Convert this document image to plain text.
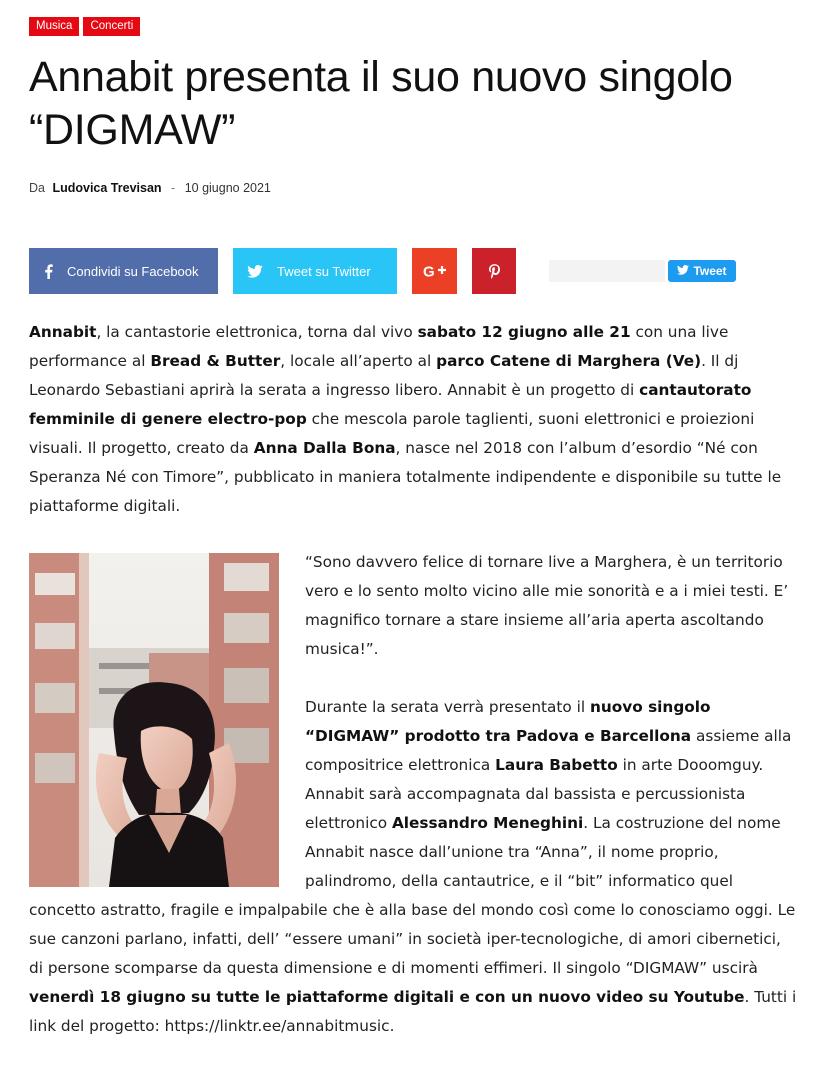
Musica	Concerti
Annabit presenta il suo nuovo singolo “DIGMAW”
Da Ludovica Trevisan - 10 giugno 2021
Condividi su Facebook	Tweet su Twitter	G	Tweet

Annabit, la cantastorie elettronica, torna dal vivo sabato 12 giugno alle 21 con una live performance al Bread & Butter, locale all’aperto al parco Catene di Marghera (Ve). Il dj Leonardo Sebastiani aprirà la serata a ingresso libero. Annabit è un progetto di cantautorato femminile di genere electro-pop che mescola parole taglienti, suoni elettronici e proiezioni visuali. Il progetto, creato da Anna Dalla Bona, nasce nel 2018 con l’album d’esordio “Né con Speranza Né con Timore”, pubblicato in maniera totalmente indipendente e disponibile su tutte le piattaforme digitali.

“Sono davvero felice di tornare live a Marghera, è un territorio vero e lo sento molto vicino alle mie sonorità e a i miei testi. E’ magnifico tornare a stare insieme all’aria aperta ascoltando musica!”.

Durante la serata verrà presentato il nuovo singolo “DIGMAW” prodotto tra Padova e Barcellona assieme alla compositrice elettronica Laura Babetto in arte Dooomguy. Annabit sarà accompagnata dal bassista e percussionista elettronico Alessandro Meneghini. La costruzione del nome Annabit nasce dall’unione tra “Anna”, il nome proprio, palindromo, della cantautrice, e il “bit” informatico quel concetto astratto, fragile e impalpabile che è alla base del mondo così come lo conosciamo oggi. Le sue canzoni parlano, infatti, dell’ “essere umani” in società iper-tecnologiche, di amori cibernetici, di persone scomparse da questa dimensione e di momenti effimeri. Il singolo “DIGMAW” uscirà venerdì 18 giugno su tutte le piattaforme digitali e con un nuovo video su Youtube. Tutti i link del progetto: https://linktr.ee/annabitmusic.
